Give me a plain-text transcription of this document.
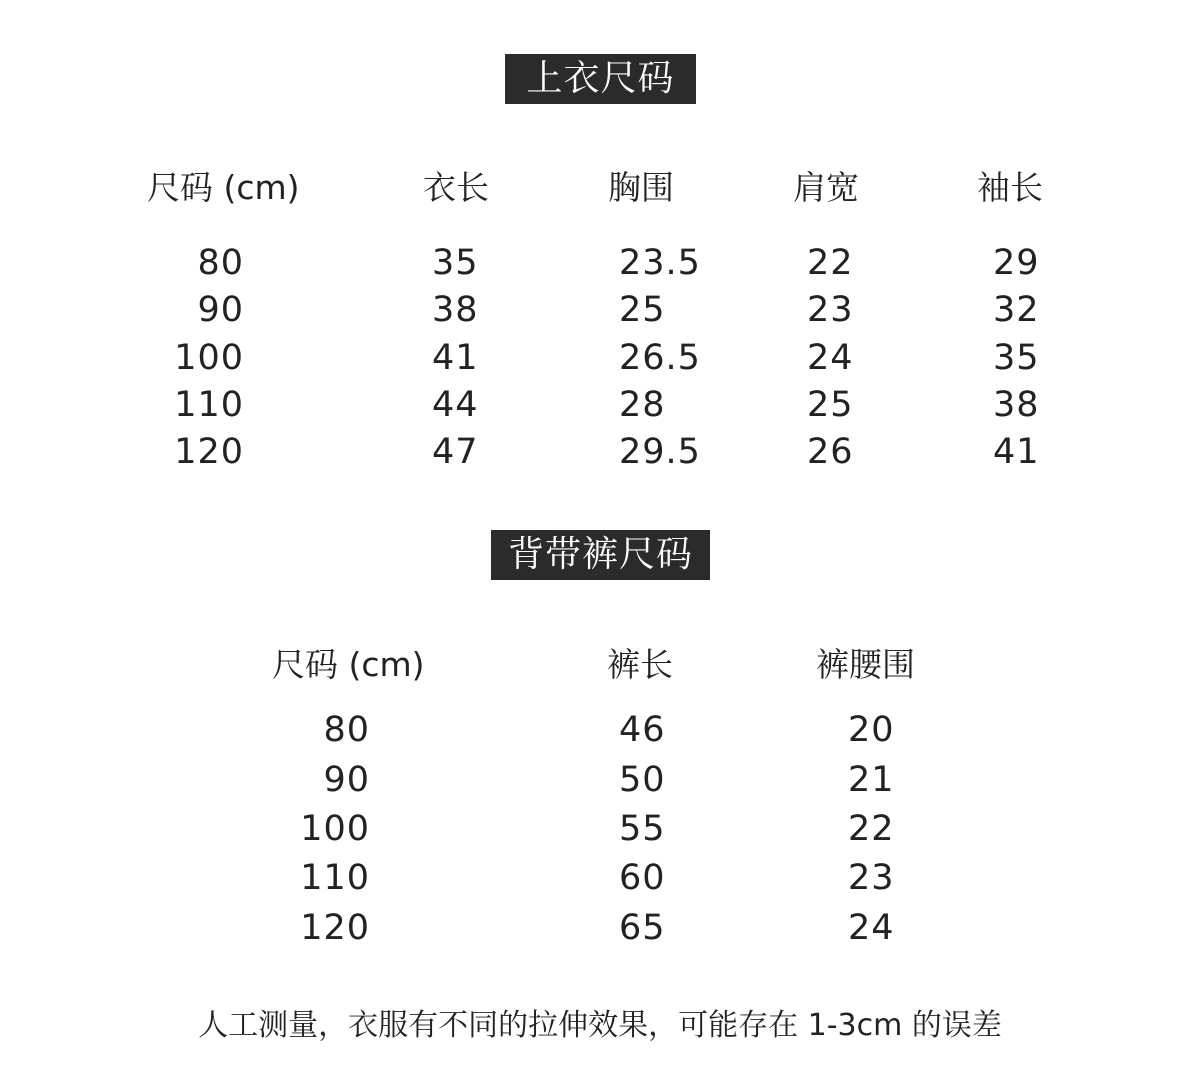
上衣尺码
尺码 (cm)	衣长	胸围	肩宽	袖长
80	35	23.5	22	29
90	38	25	23	32
100	41	26.5	24	35
110	44	28	25	38
120	47	29.5	26	41
背带裤尺码
尺码 (cm)	裤长	裤腰围
80	46	20
90	50	21
100	55	22
110	60	23
120	65	24
人工测量，衣服有不同的拉伸效果，可能存在 1-3cm 的误差
